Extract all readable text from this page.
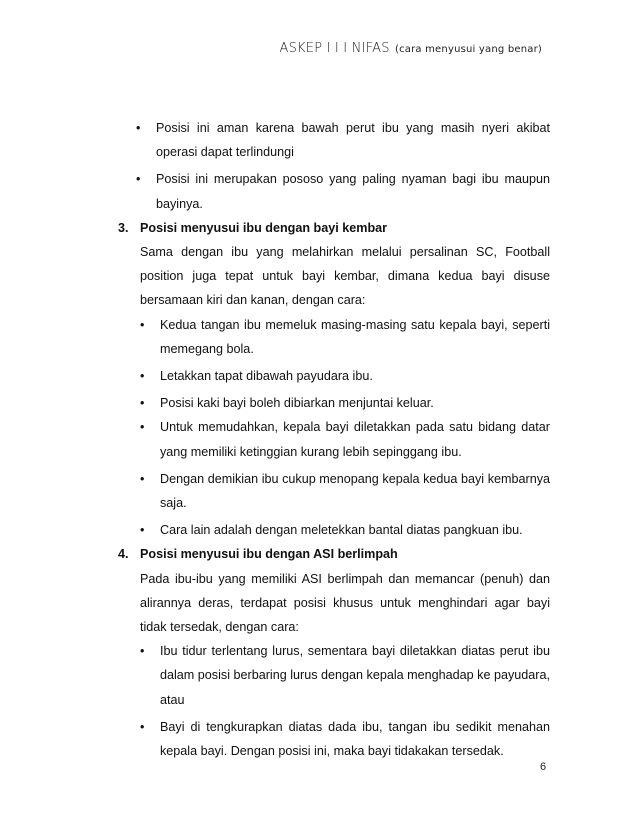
ASKEP I I I NIFAS (cara menyusui yang benar)
• Posisi ini aman karena bawah perut ibu yang masih nyeri akibat operasi dapat terlindungi
• Posisi ini merupakan pososo yang paling nyaman bagi ibu maupun bayinya.
3. Posisi menyusui ibu dengan bayi kembar
Sama dengan ibu yang melahirkan melalui persalinan SC, Football position juga tepat untuk bayi kembar, dimana kedua bayi disuse bersamaan kiri dan kanan, dengan cara:
• Kedua tangan ibu memeluk masing-masing satu kepala bayi, seperti memegang bola.
• Letakkan tapat dibawah payudara ibu.
• Posisi kaki bayi boleh dibiarkan menjuntai keluar.
• Untuk memudahkan, kepala bayi diletakkan pada satu bidang datar yang memiliki ketinggian kurang lebih sepinggang ibu.
• Dengan demikian ibu cukup menopang kepala kedua bayi kembarnya saja.
• Cara lain adalah dengan meletekkan bantal diatas pangkuan ibu.
4. Posisi menyusui ibu dengan ASI berlimpah
Pada ibu-ibu yang memiliki ASI berlimpah dan memancar (penuh) dan alirannya deras, terdapat posisi khusus untuk menghindari agar bayi tidak tersedak, dengan cara:
• Ibu tidur terlentang lurus, sementara bayi diletakkan diatas perut ibu dalam posisi berbaring lurus dengan kepala menghadap ke payudara, atau
• Bayi di tengkurapkan diatas dada ibu, tangan ibu sedikit menahan kepala bayi. Dengan posisi ini, maka bayi tidakakan tersedak.
6
